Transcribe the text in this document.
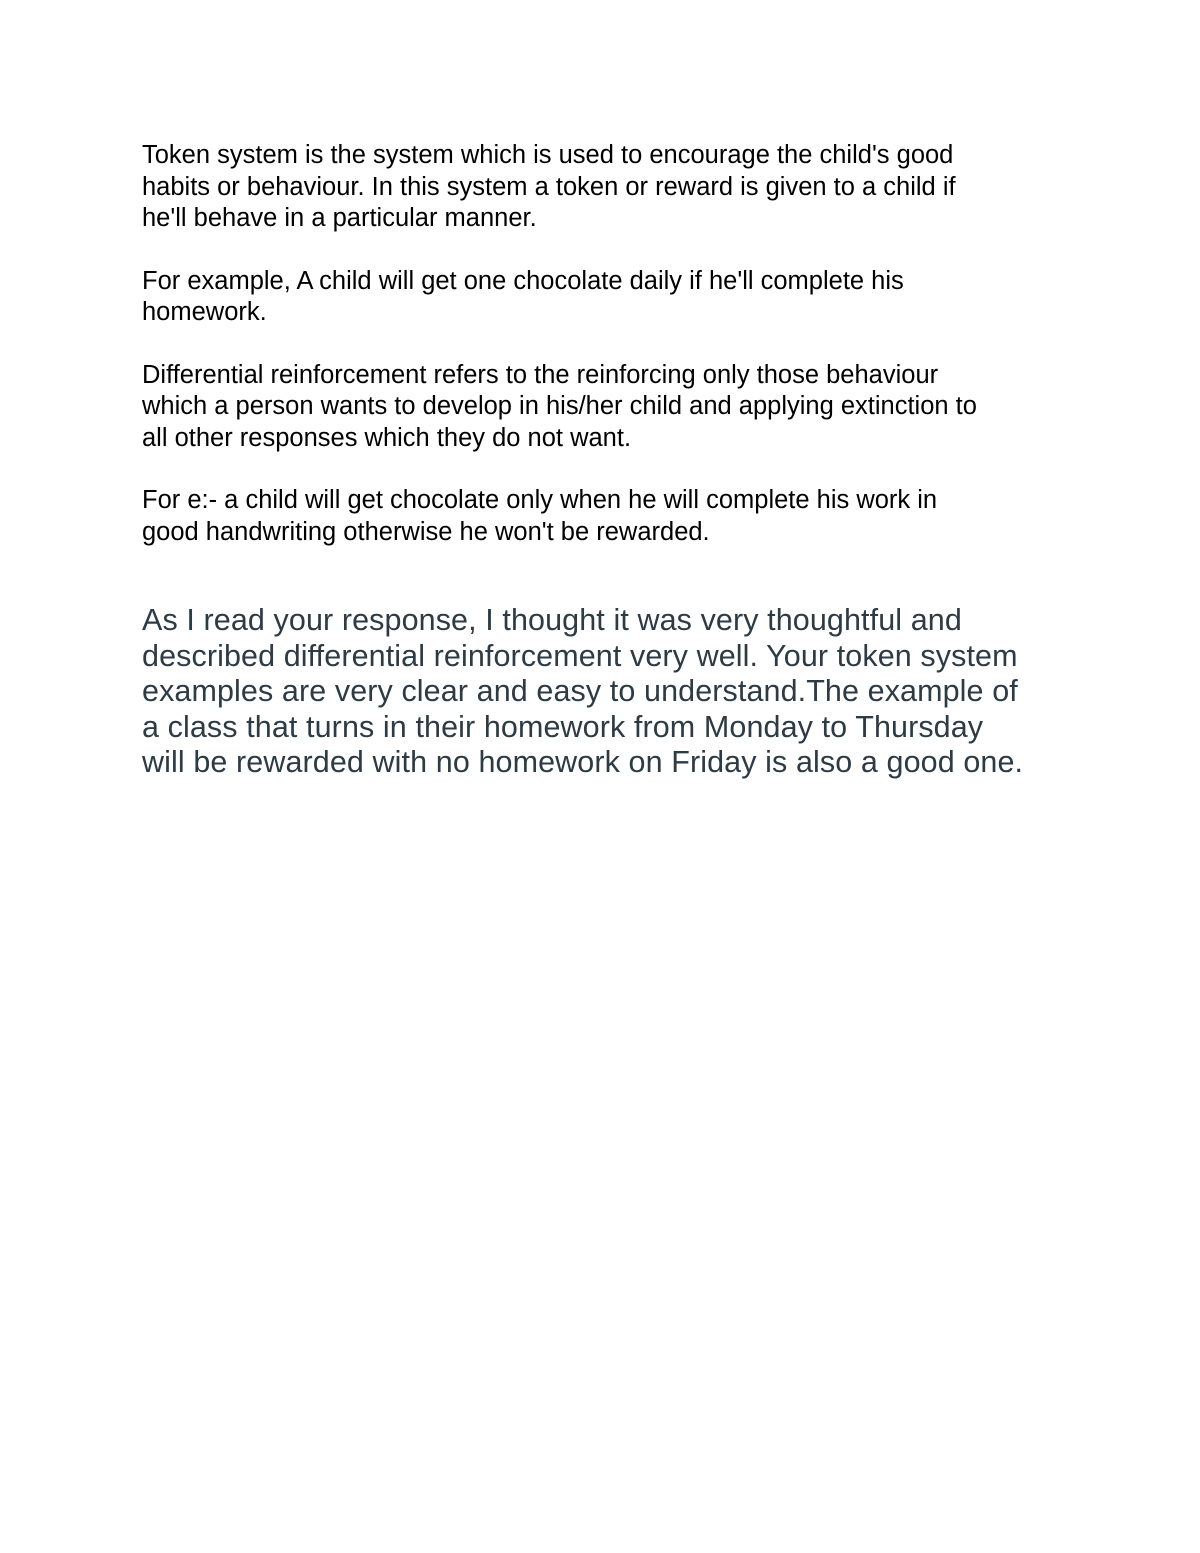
Token system is the system which is used to encourage the child's good
habits or behaviour. In this system a token or reward is given to a child if
he'll behave in a particular manner.

For example, A child will get one chocolate daily if he'll complete his
homework.

Differential reinforcement refers to the reinforcing only those behaviour
which a person wants to develop in his/her child and applying extinction to
all other responses which they do not want.

For e:- a child will get chocolate only when he will complete his work in
good handwriting otherwise he won't be rewarded.

As I read your response, I thought it was very thoughtful and
described differential reinforcement very well. Your token system
examples are very clear and easy to understand.The example of
a class that turns in their homework from Monday to Thursday
will be rewarded with no homework on Friday is also a good one.
